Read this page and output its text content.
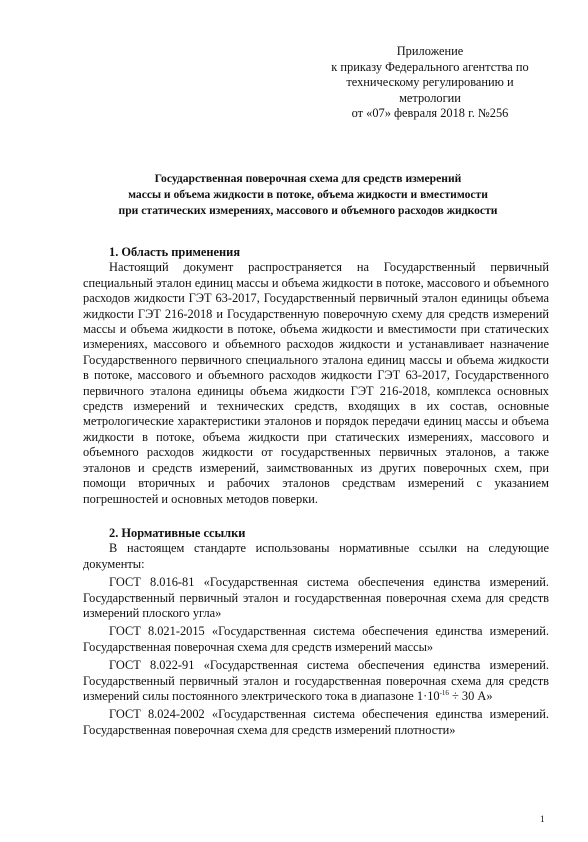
Приложение
к приказу Федерального агентства по
техническому регулированию и
метрологии
от «07» февраля 2018 г. №256
Государственная поверочная схема для средств измерений
массы и объема жидкости в потоке, объема жидкости и вместимости
при статических измерениях, массового и объемного расходов жидкости

1. Область применения

Настоящий документ распространяется на Государственный первичный специальный эталон единиц массы и объема жидкости в потоке, массового и объемного расходов жидкости ГЭТ 63-2017, Государственный первичный эталон единицы объема жидкости ГЭТ 216-2018 и Государственную поверочную схему для средств измерений массы и объема жидкости в потоке, объема жидкости и вместимости при статических измерениях, массового и объемного расходов жидкости и устанавливает назначение Государственного первичного специального эталона единиц массы и объема жидкости в потоке, массового и объемного расходов жидкости ГЭТ 63-2017, Государственного первичного эталона единицы объема жидкости ГЭТ 216-2018, комплекса основных средств измерений и технических средств, входящих в их состав, основные метрологические характеристики эталонов и порядок передачи единиц массы и объема жидкости в потоке, объема жидкости при статических измерениях, массового и объемного расходов жидкости от государственных первичных эталонов, а также эталонов и средств измерений, заимствованных из других поверочных схем, при помощи вторичных и рабочих эталонов средствам измерений с указанием погрешностей и основных методов поверки.

2. Нормативные ссылки

В настоящем стандарте использованы нормативные ссылки на следующие документы:

ГОСТ 8.016-81 «Государственная система обеспечения единства измерений. Государственный первичный эталон и государственная поверочная схема для средств измерений плоского угла»

ГОСТ 8.021-2015 «Государственная система обеспечения единства измерений. Государственная поверочная схема для средств измерений массы»

ГОСТ 8.022-91 «Государственная система обеспечения единства измерений. Государственный первичный эталон и государственная поверочная схема для средств измерений силы постоянного электрического тока в диапазоне $1\cdot 10^{-16} \div 30$ А»

ГОСТ 8.024-2002 «Государственная система обеспечения единства измерений. Государственная поверочная схема для средств измерений плотности»

1
